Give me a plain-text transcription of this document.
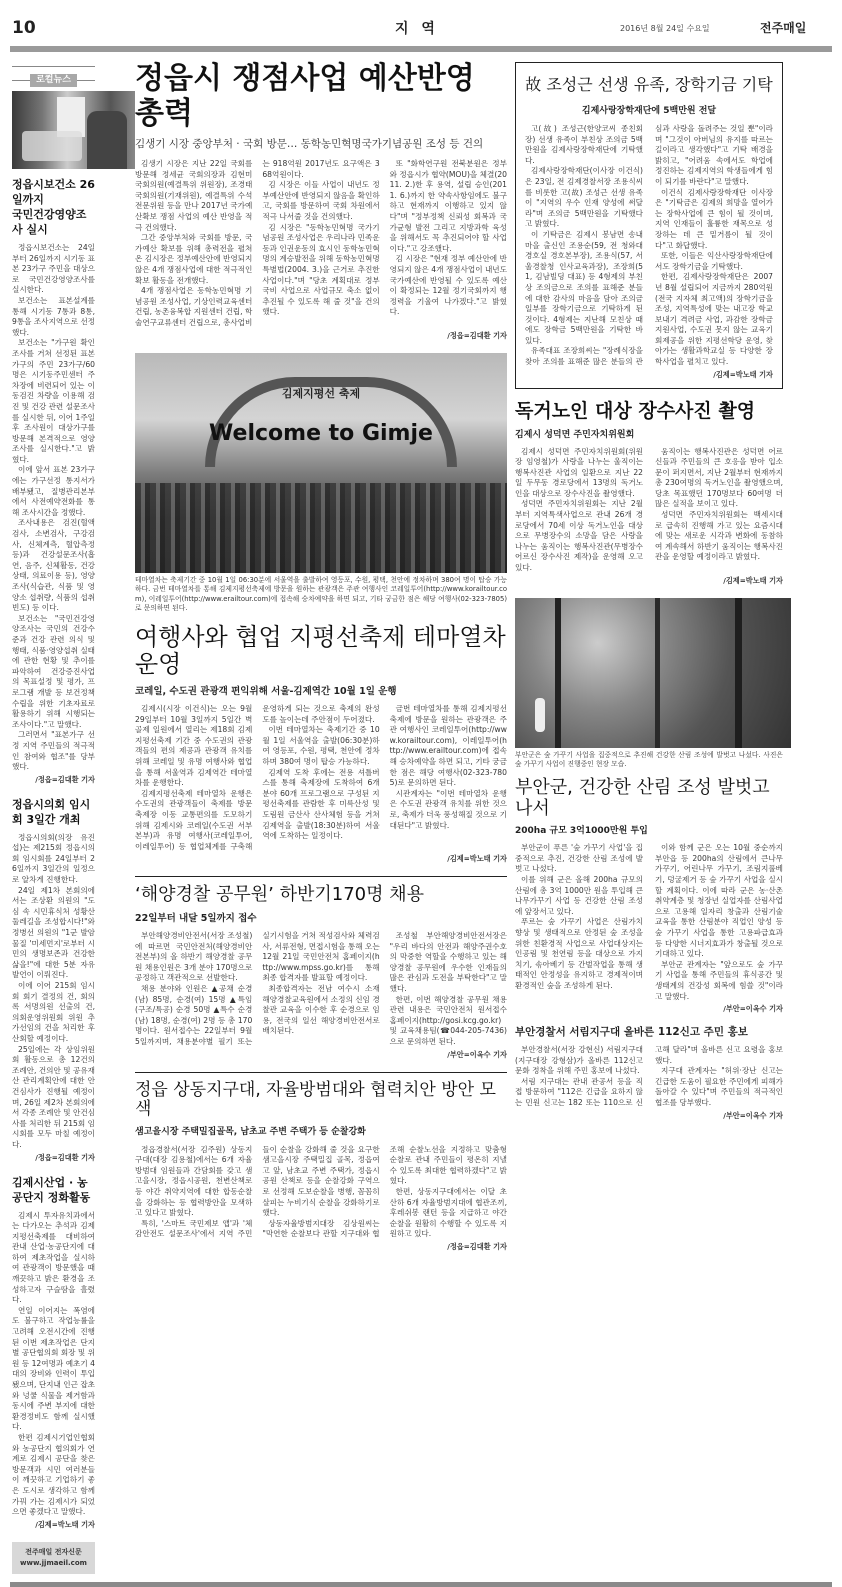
10	지 역	2016년 8월 24일 수요일	전주매일
로컬뉴스
정읍시보건소 26일까지
국민건강영양조사 실시

정읍시보건소는 24일부터 26일까지 시기동 표본 23가구 주민을 대상으로 국민건강영양조사를 실시한다.

보건소는 표본설계를 통해 시기동 7통과 8통, 9통을 조사지역으로 선정했다.

보건소는 "가구원 확인조사를 거쳐 선정된 표본가구의 주민 23가구/60명은 시기동주민센터 주차장에 비련되어 있는 이동검진 차량을 이용해 검진 및 건강 관련 설문조사를 실시한 뒤, 이어 1주일 후 조사원이 대상가구를 방문해 본격적으로 영양조사를 실시한다."고 밝혔다.

이에 앞서 표본 23가구에는 가구선정 통지서가 배부됐고, 질병관리본부에서 사전예약전화를 통해 조사시간을 정했다.

조사내용은 검진(혈액검사, 소변검사, 구강검사, 신체계측, 혈압측정 등)과 건강설문조사(흡연, 음주, 신체활동, 건강상태, 의료이용 등), 영양조사(식습관, 식품 및 영양소 섭취량, 식품의 섭취빈도) 등 이다.

보건소는 "국민건강영양조사는 국민의 건강수준과 건강 관련 의식 및 행태, 식품·영양섭취 실태에 관한 현황 및 추이를 파악하여 건강증진사업의 목표설정 및 평가, 프로그램 개발 등 보건정책 수립을 위한 기초자료로 활용하기 위해 시행되는 조사이다."고 말했다.

그러면서 "표본가구 선정 지역 주민들의 적극적인 참여와 협조"를 당부했다.

/정읍=김대환 기자
정읍시의회 임시회 3일간 개최

정읍시의회(의장 유진섭)는 제215회 정읍시의회 임시회를 24일부터 26일까지 3일간의 일정으로 알차게 진행한다.

24일 제1차 본회의에서는 조상환 의원의 "도심 속 시민휴식처 성황산 둘레길을 조성합시다!"와 정병선 의원의 "1군 발암물질 '미세먼지'로부터 시민의 생명보존과 건강한 삶을!"에 대한 5분 자유발언이 이뤄진다.

이에 이어 215회 임시회 회기 결정의 건, 회의록 서명의원 선출의 건, 의회운영위원회 위원 추가선임의 건을 처리한 후 산회할 예정이다.

25일에는 각 상임위원회 활동으로 총 12건의 조례안, 건의안 및 공유재산 관리계획안에 대한 안건심사가 진행될 예정이며, 26일 제2차 본회의에서 각종 조례안 및 안건심사를 처리한 뒤 215회 임시회를 모두 마칠 예정이다.

/정읍=김대환 기자
김제시산업 · 농공단지 정화활동

김제시 투자유치과에서는 다가오는 추석과 김제지평선축제를 대비하여 관내 산업·농공단지에 대하여 제초작업을 실시하여 관광객이 방문했을 때 깨끗하고 밝은 환경을 조성하고자 구슬땀을 흘렸다.

연일 이어지는 폭염에도 불구하고 작업능률을 고려해 오전시간에 진행된 이번 제초작업은 단지별 공단협의회 회장 및 위원 등 12여명과 예초기 4대의 장비와 인력이 투입됐으며, 단지내 인근 잡초와 넝쿨 식물을 제거함과 동시에 주변 부지에 대한 환경정비도 함께 실시했다.

한편 김제시기업인협회와 농공단지 협의회가 연계로 김제시 공단을 찾은 방문객과 시민 여러분들이 깨끗하고 기업하기 좋은 도시로 생각하고 함께 가꿔 가는 김제시가 되었으면 좋겠다고 말했다.

/김제=박노태 기자
전주매일 전자신문 www.jjmaeil.com
정읍시 쟁점사업 예산반영 총력
김생기 시장 중앙부처 · 국회 방문… 동학농민혁명국가기념공원 조성 등 건의

김생기 시장은 지난 22일 국회를 방문해 정세균 국회의장과 김현미 국회의원(예결특위 위원장), 조경태 국회의원(기재위원), 예결특위 수석전문위원 등을 만나 2017년 국가예산확보 쟁점 사업의 예산 반영을 적극 건의했다.

그간 중앙부처와 국회를 방문, 국가예산 확보를 위해 총력전을 펼쳐온 김시장은 정부예산안에 반영되지 않은 4개 쟁점사업에 대한 적극적인 확보 활동을 전개했다.

4개 쟁점사업은 동학농민혁명 기념공원 조성사업, 기상인력교육센터 건립, 농촌융복합 지원센터 건립, 학술연구교류센터 건립으로, 총사업비는 918억원 2017년도 요구액은 368억원이다.

김 시장은 이들 사업이 내년도 정부예산안에 반영되지 않음을 확인하고, 국회를 방문하여 국회 차원에서 적극 나서줄 것을 건의했다.

김 시장은 "동학농민혁명 국가기념공원 조성사업은 우리나라 민족운동과 인권운동의 효시인 동학농민혁명의 계승발전을 위해 동학농민혁명 특별법(2004. 3.)을 근거로 추진한 사업이다."며 "당초 계획대로 정부 국비 사업으로 사업규모 축소 없이 추진될 수 있도록 해 줄 것"을 건의했다.

또 "화학연구원 전북분원은 정부와 정읍시가 협약(MOU)을 체결(2011. 2.)한 후 용역, 설립 승인(2011. 6.)까지 한 약속사항임에도 불구하고 현재까지 이행하고 있지 않다"며 "정부정책 신뢰성 회복과 국가균형 발전 그리고 지방과학 육성을 위해서도 꼭 추진되어야 할 사업이다."고 강조했다.

김 시장은 "현재 정부 예산안에 반영되지 않은 4개 쟁점사업이 내년도 국가예산에 반영될 수 있도록 예산이 확정되는 12월 정기국회까지 행정력을 기울여 나가겠다."고 밝혔다.

/정읍=김대환 기자
김제지평선 축제
Welcome to Gimje
테마열차는 축제기간 중 10월 1일 06:30분에 서울역을 출발하여 영등포, 수원, 평택, 천안에 정차하며 380여 명이 탑승 가능하다. 금번 테마열차를 통해 김제지평선축제에 방문을 원하는 관광객은 주관 여행사인 코레일투어(http://www.korailtour.com), 이레일투어(http://www.erailtour.com)에 접속해 승차예약을 하면 되고, 기타 궁금한 점은 해당 여행사(02-323-7805)로 문의하면 된다.
여행사와 협업 지평선축제 테마열차 운영
코레일, 수도권 관광객 편익위해 서울-김제역간 10월 1일 운행

김제시(시장 이건식)는 오는 9월 29일부터 10월 3일까지 5일간 벽골제 일원에서 열리는 제18회 김제지평선축제 기간 중 수도권의 관광객들의 편의 제공과 관광객 유치를 위해 코레일 및 유명 여행사와 협업을 통해 서울역과 김제역간 테마열차를 운행한다.

김제지평선축제 테마열차 운행은 수도권의 관광객들이 축제를 방문 축제장 이동 교통편의를 도모하기 위해 김제시와 코레일(수도권 서부본부)과 유명 여행사(코레일투어, 이레일투어) 등 협업체계를 구축해 운영하게 되는 것으로 축제의 완성도를 높이는데 주안점이 두어졌다.

이번 테마열차는 축제기간 중 10월 1일 서울역을 출발(06:30분)하여 영등포, 수원, 평택, 천안에 정차하며 380여 명이 탑승 가능하다.

김제역 도착 후에는 전용 셔틀버스를 통해 축제장에 도착하여 6개 분야 60개 프로그램으로 구성된 지평선축제를 관람한 후 미륵산성 및 도림원 금산사 산사체험 등을 거쳐 김제역을 출발(18:30분)하여 서울역에 도착하는 일정이다.

금번 테마열차를 통해 김제지평선축제에 방문을 원하는 관광객은 주관 여행사인 코레일투어(http://www.korailtour.com), 이레일투어(http://www.erailtour.com)에 접속해 승차예약을 하면 되고, 기타 궁금한 점은 해당 여행사(02-323-7805)로 문의하면 된다.

시관계자는 "이번 테마열차 운행은 수도권 관광객 유치를 위한 것으로, 축제가 더욱 풍성해질 것으로 기대된다"고 밝혔다.

/김제=박노태 기자
‘해양경찰 공무원’ 하반기170명 채용
22일부터 내달 5일까지 접수

부안해양경비안전서(서장 조성철)에 따르면 국민안전처(해양경비안전본부)의 올 하반기 해양경찰 공무원 채용인원은 3개 분야 170명으로 공정하고 객관적으로 선발한다.

채용 분야와 인원은 ▲공채 순경(남) 85명, 순경(여) 15명 ▲특임(구조/특공) 순경 50명 ▲특수 순경(남) 18명, 순경(여) 2명 등 총 170명이다. 원서접수는 22일부터 9월 5일까지며, 채용분야별 필기 또는 실기시험을 거쳐 적성검사와 체력검사, 서류전형, 면접시험을 통해 오는 12월 21일 국민안전처 홈페이지(http://www.mpss.go.kr)를 통해 최종 합격자를 발표할 예정이다.

최종합격자는 전남 여수시 소재 해양경찰교육원에서 소정의 신임 경찰관 교육을 이수한 후 순경으로 임용, 전국의 일선 해양경비안전서로 배치된다.

조성철 부안해양경비안전서장은 "우리 바다의 안전과 해양주권수호의 막중한 역할을 수행하고 있는 해양경찰 공무원에 우수한 인재들의 많은 관심과 도전을 부탁한다"고 말했다.

한편, 이번 해양경찰 공무원 채용관련 내용은 국민안전처 원서접수 홈페이지(http://gosi.kcg.go.kr) 및 교육채용팀(☎044-205-7436)으로 문의하면 된다.

/부안=이옥수 기자
정읍 상동지구대, 자율방범대와 협력치안 방안 모색
샘고을시장 주택밀집골목, 남초교 주변 주택가 등 순찰강화

정읍경찰서(서장 김주원) 상동지구대(대장 김용철)에서는 6개 자율방범대 임원들과 간담회를 갖고 샘고을시장, 정읍시공원, 천변산책로 등 야간 취약지역에 대한 합동순찰을 강화하는 등 협력방안을 모색하고 있다고 밝혔다.

특히, '스마트 국민제보 앱'과 '체감안전도 설문조사'에서 지역 주민들이 순찰을 강화해 줄 것을 요구한 샘고을시장 주택밀집 골목, 정읍여고 앞, 남초교 주변 주택가, 정읍시공원 산책로 등을 순찰강화 구역으로 선정해 도보순찰을 병행, 꼼꼼히 살피는 누비기식 순찰을 강화하기로 했다.

상동자율방범지대장 김상원씨는 "막연한 순찰보다 관할 지구대와 협조해 순찰노선을 지정하고 맞춤형 순찰로 관내 주민들이 평온히 지낼 수 있도록 최대한 협력하겠다"고 밝혔다.

한편, 상동지구대에서는 이달 초 산하 6개 자율방범지대에 협관조끼, 후레쉬봉 랜턴 등을 지급하고 야간 순찰을 원활히 수행할 수 있도록 지원하고 있다.

/정읍=김대환 기자
故 조성근 선생 유족, 장학기금 기탁
김제사랑장학재단에 5백만원 전달

고(故) 조성근(한양코씨 종친회장) 선생 유족이 부친상 조의금 5백만원을 김제사랑장학재단에 기탁했다.

김제사랑장학재단(이사장 이건식)은 23일, 전 김제경찰서장 조용식씨를 비롯한 고(故) 조성근 선생 유족이 "지역의 우수 인재 양성에 써달라"며 조의금 5백만원을 기탁했다고 밝혔다.

이 기탁금은 김제시 봉남면 송내마을 출신인 조용순(59, 전 청와대 경호실 경호본부장), 조용식(57, 서울경찰청 인사교육과장), 조장희(51, 김남빌딩 대표) 등 4형제의 부친상 조의금으로 조의를 표해준 분들에 대한 감사의 마음을 담아 조의금 일부를 장학기금으로 기탁하게 된 것이다. 4형제는 지난해 모친상 때에도 장학금 5백만원을 기탁한 바 있다.

유족대표 조장희씨는 "장례식장을 찾아 조의를 표해준 많은 분들의 관심과 사랑을 돌려주는 것일 뿐"이라며 "그것이 아버님의 유지를 따르는 길이라고 생각했다"고 기탁 배경을 밝히고, "어려움 속에서도 학업에 정진하는 김제지역의 학생들에게 힘이 되기를 바란다"고 말했다.

이건식 김제사랑장학재단 이사장은 "기탁금은 김제의 희망을 열어가는 장학사업에 큰 힘이 될 것이며, 지역 인재들이 훌륭한 재목으로 성장하는 데 큰 밑거름이 될 것이다"고 화답했다.

또한, 이들은 익산사랑장학재단에서도 장학기금을 기탁했다.

한편, 김제사랑장학재단은 2007년 8월 설립되어 지금까지 280억원(전국 지자체 최고액)의 장학기금을 조성, 지역특성에 맞는 내고장 학교보내기 격려금 사업, 과감한 장학금 지원사업, 수도권 못지 않는 교육기회제공을 위한 지평선학당 운영, 찾아가는 생활과학교실 등 다양한 장학사업을 펼치고 있다.

/김제=박노태 기자
독거노인 대상 장수사진 촬영
김제시 성덕면 주민자치위원회

김제시 성덕면 주민자치위원회(위원장 임영철)가 사랑을 나누는 울직이는 행복사진관 사업의 일환으로 지난 22일 두무동 경로당에서 13명의 독거노인을 대상으로 장수사진을 촬영했다.

성덕면 주민자치위원회는 지난 2월부터 지역특색사업으로 관내 26개 경로당에서 70세 이상 독거노인을 대상으로 무병장수의 소망을 담은 사랑을 나누는 움직이는 행복사진관(무병장수 어르신 장수사진 제작)을 운영해 오고 있다.

움직이는 행복사진관은 성덕면 어르신들과 주민들의 큰 호응을 받아 입소문이 퍼지면서, 지난 2월부터 현재까지 총 230여명의 독거노인을 촬영했으며, 당초 목표했던 170명보다 60여명 더 많은 실적을 보이고 있다.

성덕면 주민자치위원회는 백세시대로 급속히 진행해 가고 있는 요즘시대에 맞는 새로운 시각과 변화에 동참하여 계속해서 하반기 움직이는 행복사진관을 운영할 예정이라고 밝혔다.

/김제=박노태 기자
부안군은 숲 가꾸기 사업을 집중적으로 추진해 건강한 산림 조성에 발벗고 나섰다. 사진은 숲 가꾸기 사업이 진행중인 현장 모습.
부안군, 건강한 산림 조성 발벗고 나서
200ha 규모 3억1000만원 투입

부안군이 푸른 '숲 가꾸기 사업'을 집중적으로 추진, 건강한 산림 조성에 발벗고 나섰다.

이를 위해 군은 올해 200ha 규모의 산림에 총 3억 1000만 원을 투입해 큰나무가꾸기 사업 등 건강한 산림 조성에 앞장서고 있다.

푸르는 숲 가꾸기 사업은 산림가치 향상 및 생태적으로 안정된 숲 조성을 위한 친환경적 사업으로 사업대상지는 인공림 및 천연림 등을 대상으로 가지치기, 솎아베기 등 간벌작업을 통해 생태적인 안정성을 유지하고 경제적이며 환경적인 숲을 조성하게 된다.

이와 함께 군은 오는 10월 중순까지 부안읍 등 200ha의 산림에서 큰나무 가꾸기, 어린나무 가꾸기, 조림지풀베기, 덩굴제거 등 숲 가꾸기 사업을 실시할 계획이다. 이에 따라 군은 농·산촌 취약계층 및 청장년 실업자를 산림사업으로 고용해 일자리 창출과 산림기술 교육을 통한 산림분야 직업인 양성 등 숲 가꾸기 사업을 통한 고용파급효과 등 다양한 시너지효과가 창출될 것으로 기대하고 있다.

부안군 관계자는 "앞으로도 숲 가꾸기 사업을 통해 주민들의 휴식공간 및 생태계의 건강성 회복에 힘쓸 것"이라고 말했다.

/부안=이옥수 기자
부안경찰서 서림지구대 올바른 112신고 주민 홍보

부안경찰서(서장 강현신) 서림지구대(지구대장 강형삼)가 올바른 112신고 문화 정착을 위해 주민 홍보에 나섰다.

서림 지구대는 관내 관공서 등을 직접 방문하여 "112은 긴급을 요하지 않는 민원 신고는 182 또는 110으로 신고해 달라"며 올바른 신고 요령을 홍보했다.

지구대 관계자는 "허위·장난 신고는 긴급한 도움이 필요한 주민에게 피해가 돌아갈 수 있다"며 주민들의 적극적인 협조를 당부했다.

/부안=이옥수 기자
